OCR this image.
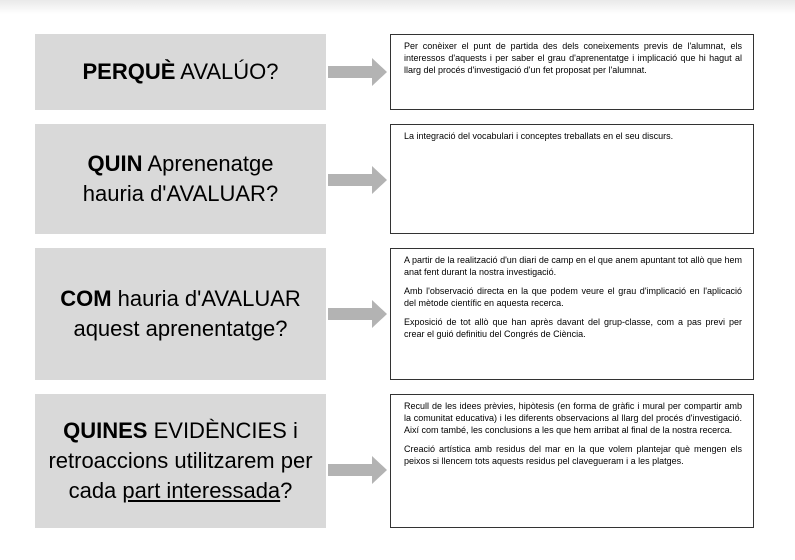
PERQUÈ AVALÚO?

Per conèixer el punt de partida des dels coneixements previs de l'alumnat, els interessos d'aquests i per saber el grau d'aprenentatge i implicació que hi hagut al llarg del procés d'investigació d'un fet proposat per l'alumnat.

QUIN Aprenenatge hauria d'AVALUAR?

La integració del vocabulari i conceptes treballats en el seu discurs.

COM hauria d'AVALUAR aquest aprenentatge?

A partir de la realització d'un diari de camp en el que anem apuntant tot allò que hem anat fent durant la nostra investigació.

Amb l'observació directa en la que podem veure el grau d'implicació en l'aplicació del mètode científic en aquesta recerca.

Exposició de tot allò que han après davant del grup-classe, com a pas previ per crear el guió definitiu del Congrés de Ciència.

QUINES EVIDÈNCIES i retroaccions utilitzarem per cada part interessada?

Recull de les idees prèvies, hipòtesis (en forma de gràfic i mural per compartir amb la comunitat educativa) i les diferents observacions al llarg del procés d'investigació. Així com també, les conclusions a les que hem arribat al final de la nostra recerca.

Creació artística amb residus del mar en la que volem plantejar què mengen els peixos si llencem tots aquests residus pel clavegueram i a les platges.
